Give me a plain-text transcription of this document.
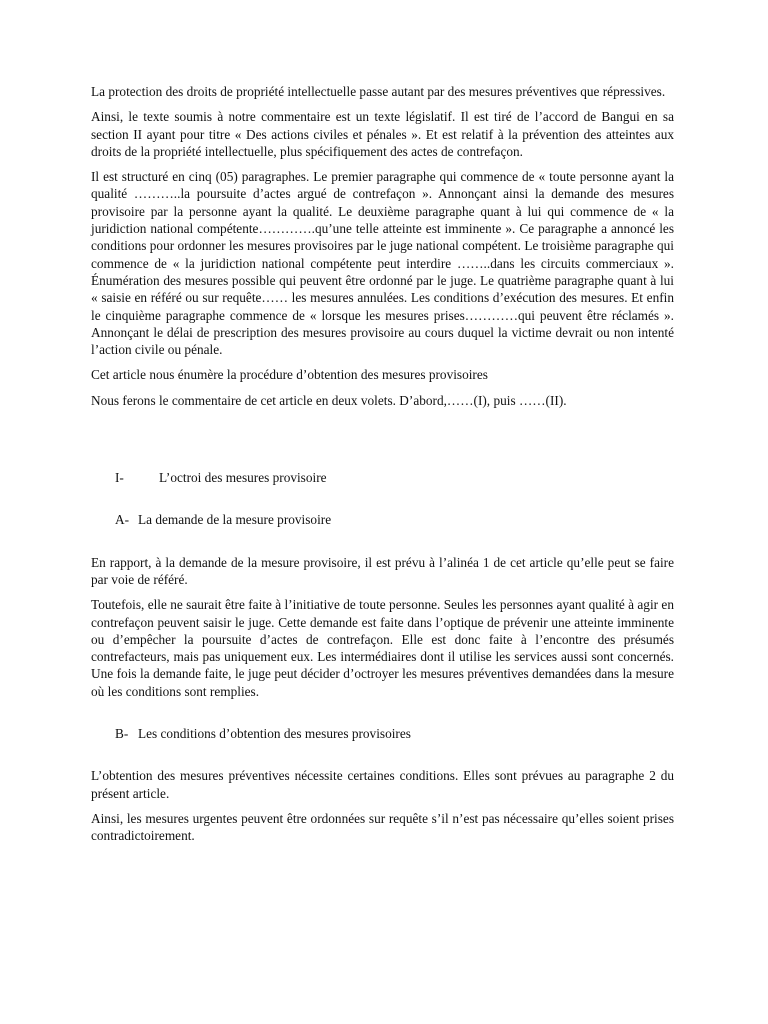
La protection des droits de propriété intellectuelle passe autant par des mesures préventives que répressives.

Ainsi, le texte soumis à notre commentaire est un texte législatif. Il est tiré de l’accord de Bangui en sa section II ayant pour titre « Des actions civiles et pénales ». Et est relatif à la prévention des atteintes aux droits de la propriété intellectuelle, plus spécifiquement des actes de contrefaçon.

Il est structuré en cinq (05) paragraphes. Le premier paragraphe qui commence de « toute personne ayant la qualité ………..la poursuite d’actes argué de contrefaçon ». Annonçant ainsi la demande des mesures provisoire par la personne ayant la qualité. Le deuxième paragraphe quant à lui qui commence de « la juridiction national compétente………….qu’une telle atteinte est imminente ». Ce paragraphe a annoncé les conditions pour ordonner les mesures provisoires par le juge national compétent. Le troisième paragraphe qui commence de « la juridiction national compétente peut interdire ……..dans les circuits commerciaux ». Énumération des mesures possible qui peuvent être ordonné par le juge. Le quatrième paragraphe quant à lui « saisie en référé ou sur requête…… les mesures annulées. Les conditions d’exécution des mesures. Et enfin le cinquième paragraphe commence de « lorsque les mesures prises…………qui peuvent être réclamés ». Annonçant le délai de prescription des mesures provisoire au cours duquel la victime devrait ou non intenté l’action civile ou pénale.

Cet article nous énumère la procédure d’obtention des mesures provisoires

Nous ferons le commentaire de cet article en deux volets. D’abord,……(I), puis ……(II).

I-	L’octroi des mesures provisoire
A- La demande de la mesure provisoire

En rapport, à la demande de la mesure provisoire, il est prévu à l’alinéa 1 de cet article qu’elle peut se faire par voie de référé.

Toutefois, elle ne saurait être faite à l’initiative de toute personne. Seules les personnes ayant qualité à agir en contrefaçon peuvent saisir le juge. Cette demande est faite dans l’optique de prévenir une atteinte imminente ou d’empêcher la poursuite d’actes de contrefaçon. Elle est donc faite à l’encontre des présumés contrefacteurs, mais pas uniquement eux. Les intermédiaires dont il utilise les services aussi sont concernés. Une fois la demande faite, le juge peut décider d’octroyer les mesures préventives demandées dans la mesure où les conditions sont remplies.

B- Les conditions d’obtention des mesures provisoires

L’obtention des mesures préventives nécessite certaines conditions. Elles sont prévues au paragraphe 2 du présent article.

Ainsi, les mesures urgentes peuvent être ordonnées sur requête s’il n’est pas nécessaire qu’elles soient prises contradictoirement.
